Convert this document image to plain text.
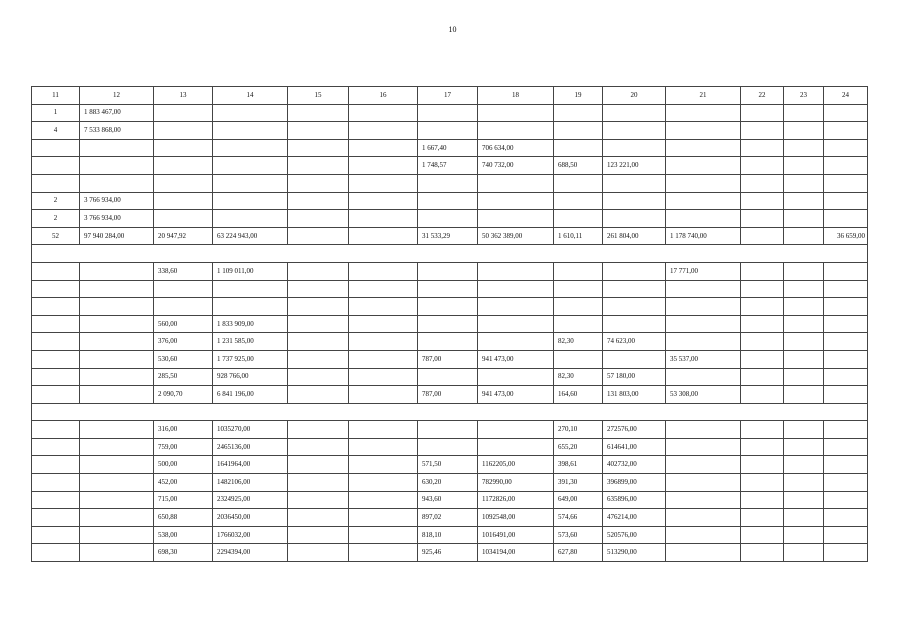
10
11	12	13	14	15	16	17	18	19	20	21	22	23	24
1	1 883 467,00												
4	7 533 868,00												
						1 667,40	706 634,00						
						1 748,57	740 732,00	688,50	123 221,00				

2	3 766 934,00												
2	3 766 934,00												
52	97 940 284,00	20 947,92	63 224 943,00			31 533,29	50 362 389,00	1 610,11	261 804,00	1 178 740,00			36 659,00

		338,60	1 109 011,00							17 771,00			

		560,00	1 833 909,00										
		376,00	1 231 585,00					82,30	74 623,00				
		530,60	1 737 925,00			787,00	941 473,00			35 537,00			
		285,50	928 766,00					82,30	57 180,00				
		2 090,70	6 841 196,00			787,00	941 473,00	164,60	131 803,00	53 308,00			

		316,00	1035270,00					270,10	272576,00				
		759,00	2465136,00					655,20	614641,00				
		500,00	1641964,00			571,50	1162205,00	398,61	402732,00				
		452,00	1482106,00			630,20	782990,00	391,30	396899,00				
		715,00	2324925,00			943,60	1172826,00	649,00	635896,00				
		650,88	2036450,00			897,02	1092548,00	574,66	476214,00				
		538,00	1766032,00			818,10	1016491,00	573,60	520576,00				
		698,30	2294394,00			925,46	1034194,00	627,80	513290,00				
